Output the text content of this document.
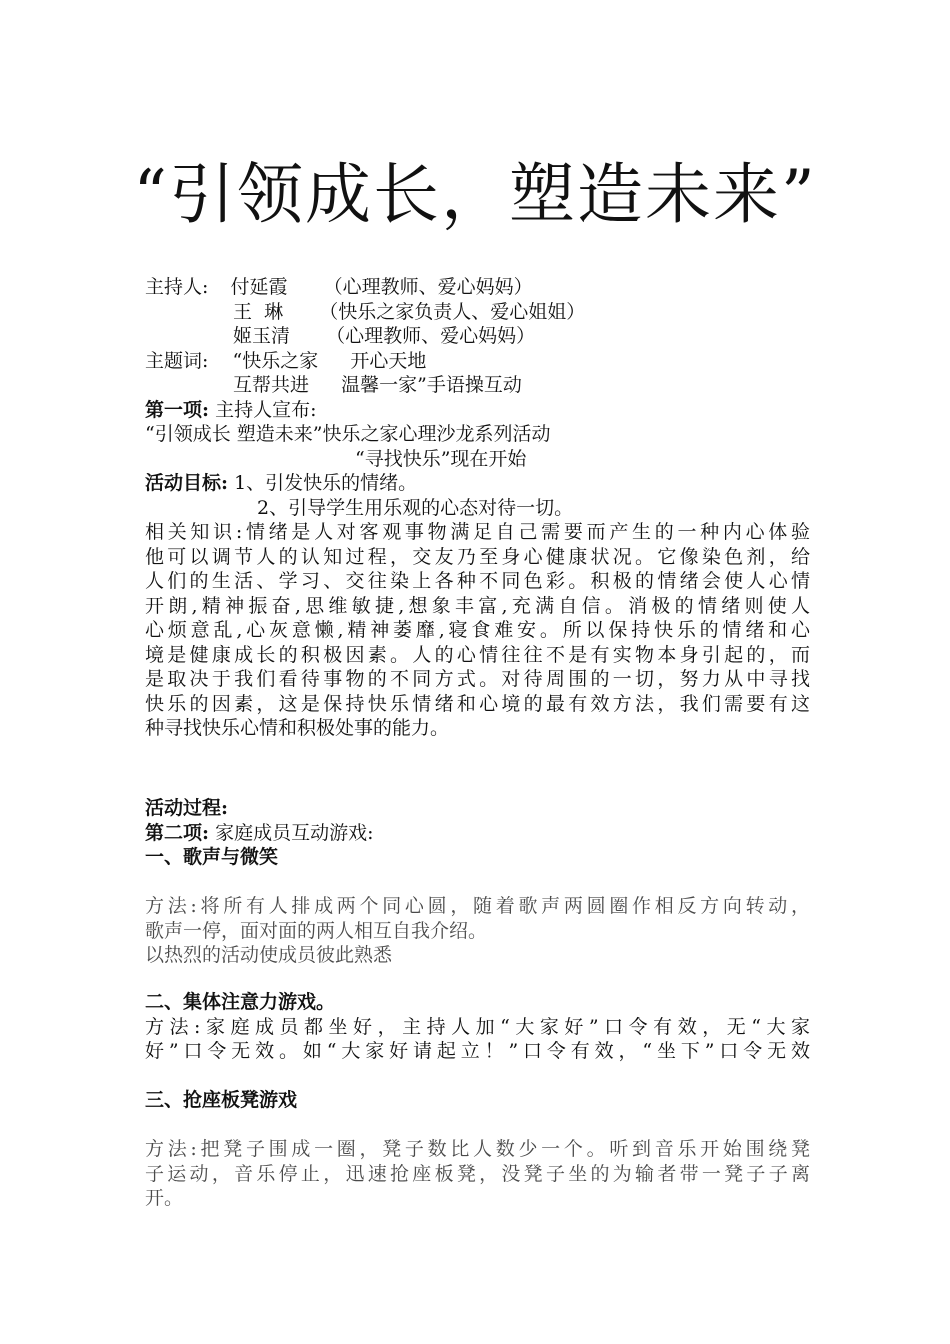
“引领成长，塑造未来”
主持人: 付延霞 （心理教师、爱心妈妈）
王  琳 （快乐之家负责人、爱心姐姐）
姬玉清 （心理教师、爱心妈妈）
主题词: “快乐之家 开心天地
互帮共进 温馨一家”手语操互动
第一项: 主持人宣布:
“引领成长 塑造未来”快乐之家心理沙龙系列活动
“寻找快乐”现在开始
活动目标: 1、引发快乐的情绪。
2、引导学生用乐观的心态对待一切。
相关知识:情绪是人对客观事物满足自己需要而产生的一种内心体验
他可以调节人的认知过程，交友乃至身心健康状况。它像染色剂，给
人们的生活、学习、交往染上各种不同色彩。积极的情绪会使人心情
开朗,精神振奋,思维敏捷,想象丰富,充满自信。消极的情绪则使人
心烦意乱,心灰意懒,精神萎靡,寝食难安。所以保持快乐的情绪和心
境是健康成长的积极因素。人的心情往往不是有实物本身引起的，而
是取决于我们看待事物的不同方式。对待周围的一切，努力从中寻找
快乐的因素，这是保持快乐情绪和心境的最有效方法，我们需要有这
种寻找快乐心情和积极处事的能力。
活动过程:
第二项: 家庭成员互动游戏:
一、歌声与微笑
方法:将所有人排成两个同心圆，随着歌声两圆圈作相反方向转动，
歌声一停，面对面的两人相互自我介绍。
以热烈的活动使成员彼此熟悉
二、集体注意力游戏。
方法:家庭成员都坐好，主持人加“大家好”口令有效，无“大家
好”口令无效。如“大家好请起立！”口令有效，“坐下”口令无效
三、抢座板凳游戏
方法:把凳子围成一圈，凳子数比人数少一个。听到音乐开始围绕凳
子运动，音乐停止，迅速抢座板凳，没凳子坐的为输者带一凳子子离
开。
